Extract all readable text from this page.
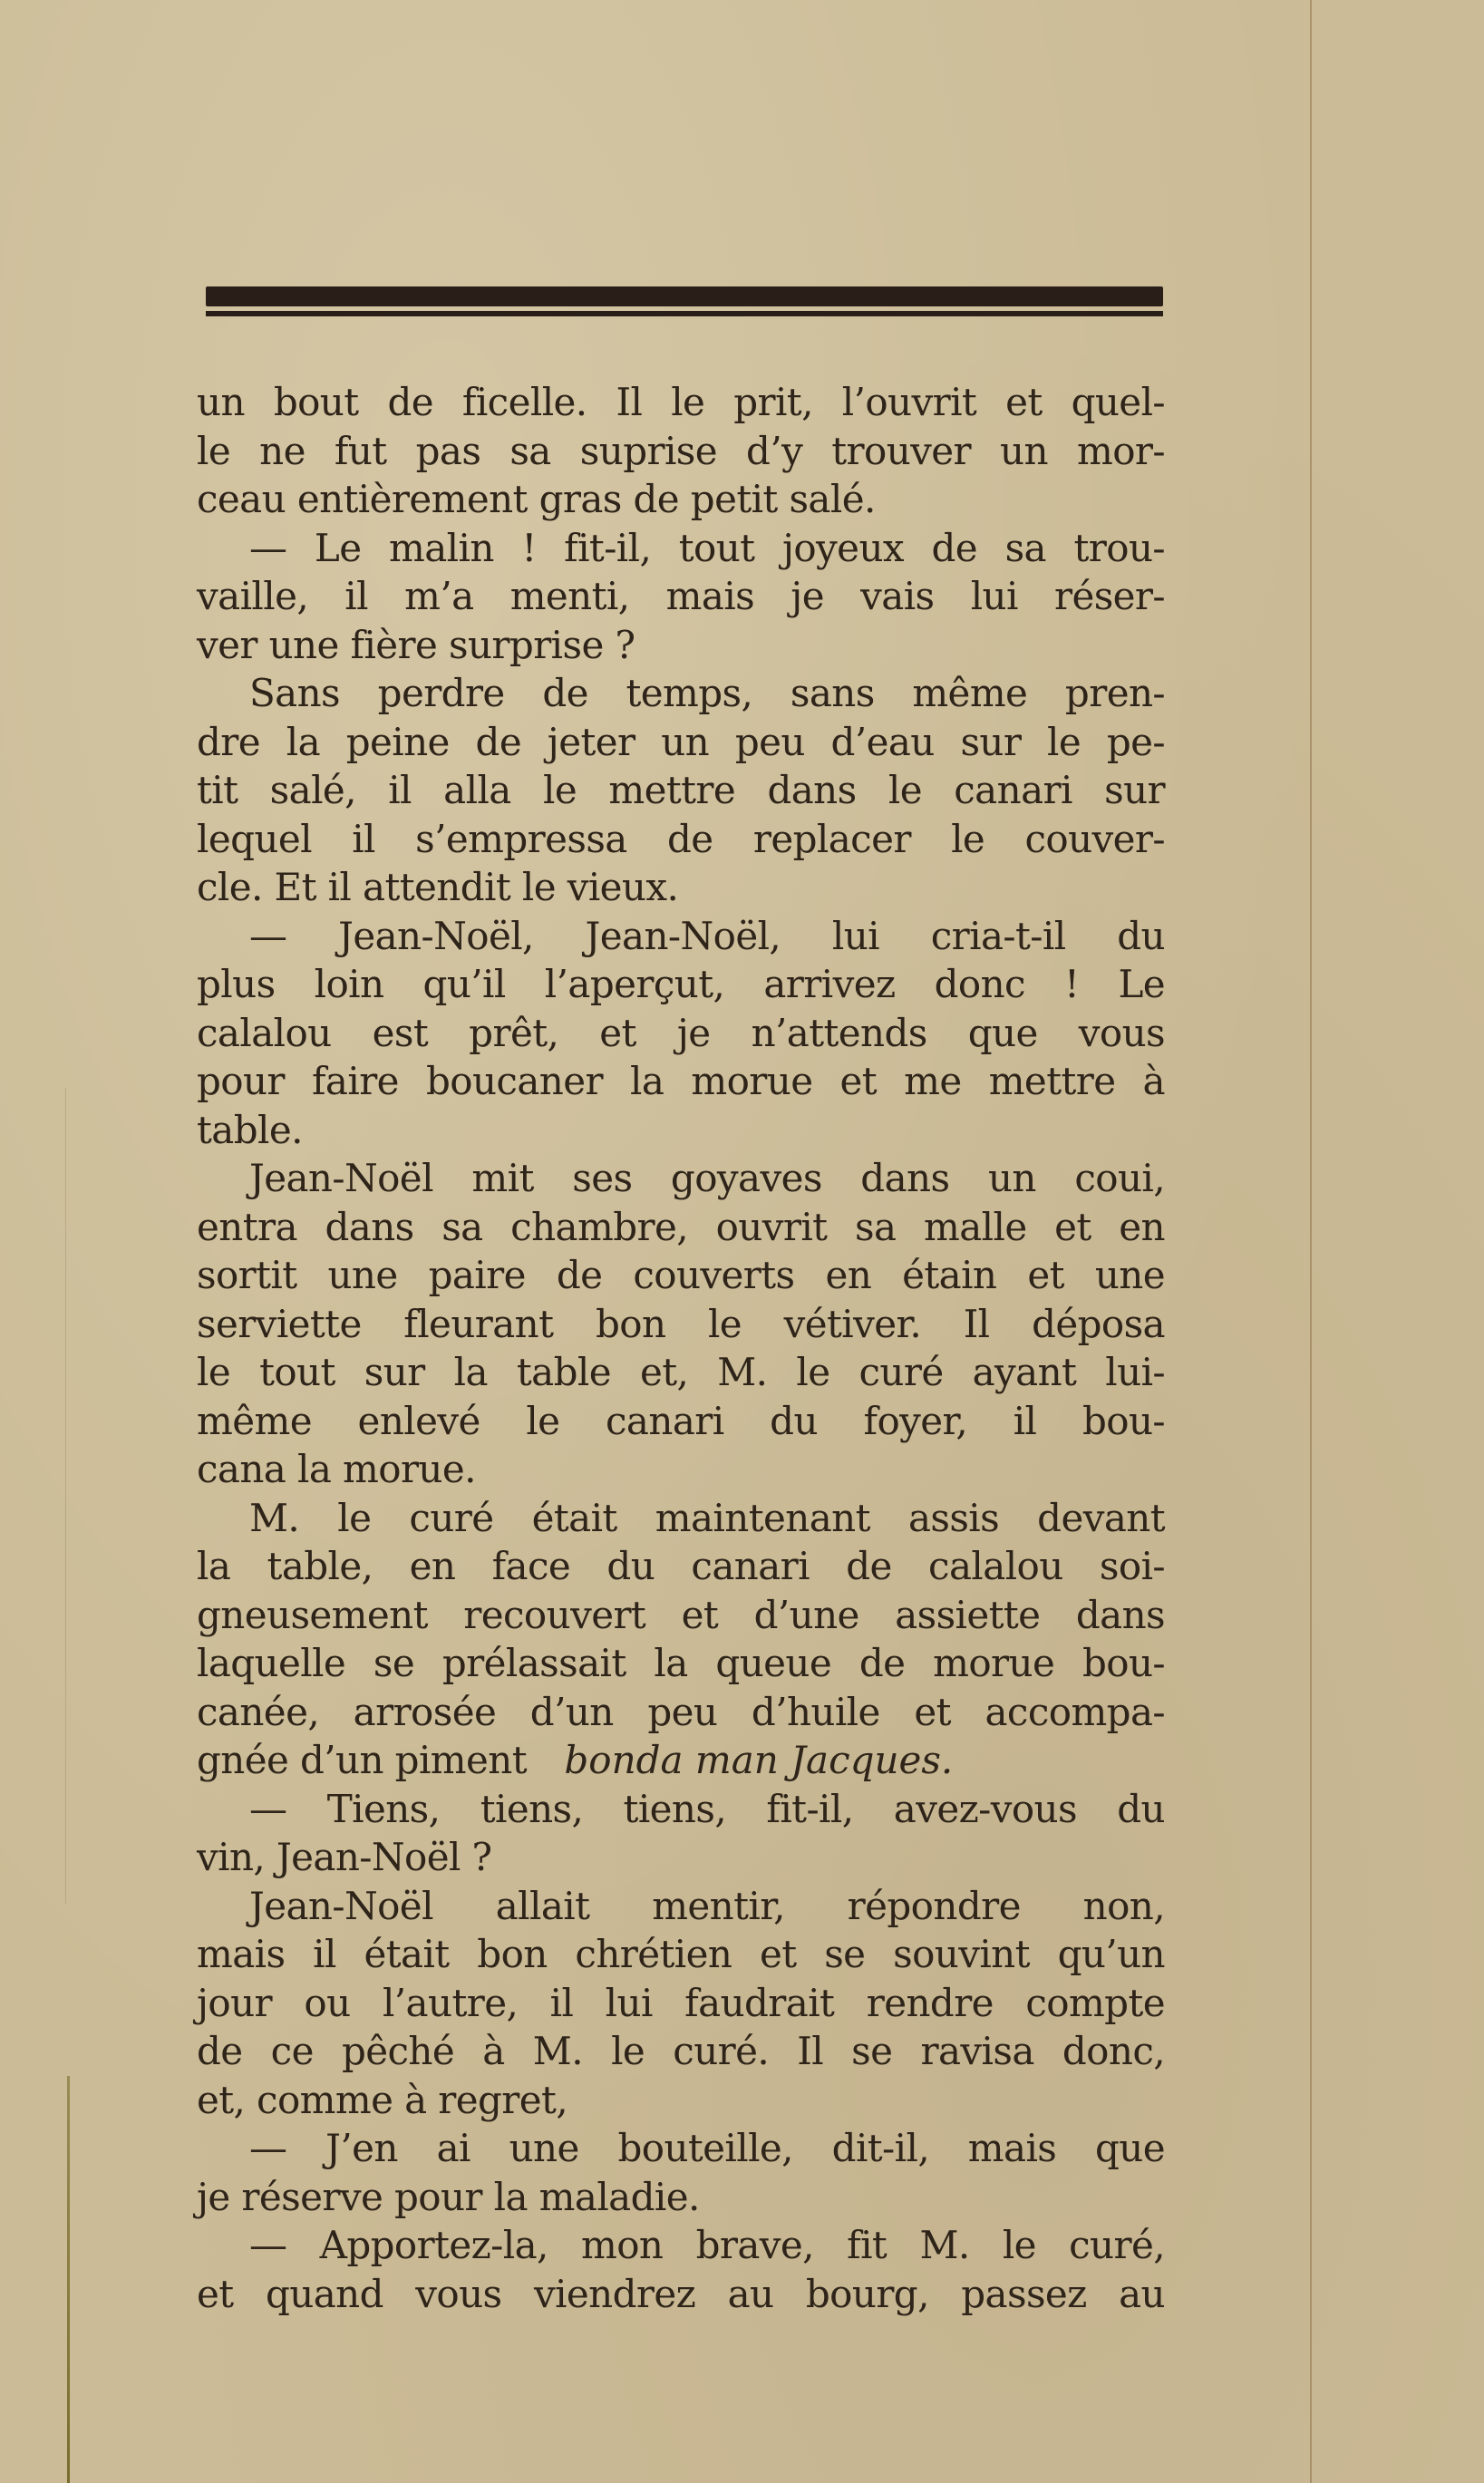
un bout de ficelle. Il le prit, l’ouvrit et quel-
le ne fut pas sa suprise d’y trouver un mor-
ceau entièrement gras de petit salé.
— Le malin ! fit-il, tout joyeux de sa trou-
vaille, il m’a menti, mais je vais lui réser-
ver une fière surprise ?
Sans perdre de temps, sans même pren-
dre la peine de jeter un peu d’eau sur le pe-
tit salé, il alla le mettre dans le canari sur
lequel il s’empressa de replacer le couver-
cle. Et il attendit le vieux.
— Jean-Noël, Jean-Noël, lui cria-t-il du
plus loin qu’il l’aperçut, arrivez donc ! Le
calalou est prêt, et je n’attends que vous
pour faire boucaner la morue et me mettre à
table.
Jean-Noël mit ses goyaves dans un coui,
entra dans sa chambre, ouvrit sa malle et en
sortit une paire de couverts en étain et une
serviette fleurant bon le vétiver. Il déposa
le tout sur la table et, M. le curé ayant lui-
même enlevé le canari du foyer, il bou-
cana la morue.
M. le curé était maintenant assis devant
la table, en face du canari de calalou soi-
gneusement recouvert et d’une assiette dans
laquelle se prélassait la queue de morue bou-
canée, arrosée d’un peu d’huile et accompa-
gnée d’un piment  bonda man Jacques.
— Tiens, tiens, tiens, fit-il, avez-vous du
vin, Jean-Noël ?
Jean-Noël allait mentir, répondre non,
mais il était bon chrétien et se souvint qu’un
jour ou l’autre, il lui faudrait rendre compte
de ce pêché à M. le curé. Il se ravisa donc,
et, comme à regret,
— J’en ai une bouteille, dit-il, mais que
je réserve pour la maladie.
— Apportez-la, mon brave, fit M. le curé,
et quand vous viendrez au bourg, passez au
